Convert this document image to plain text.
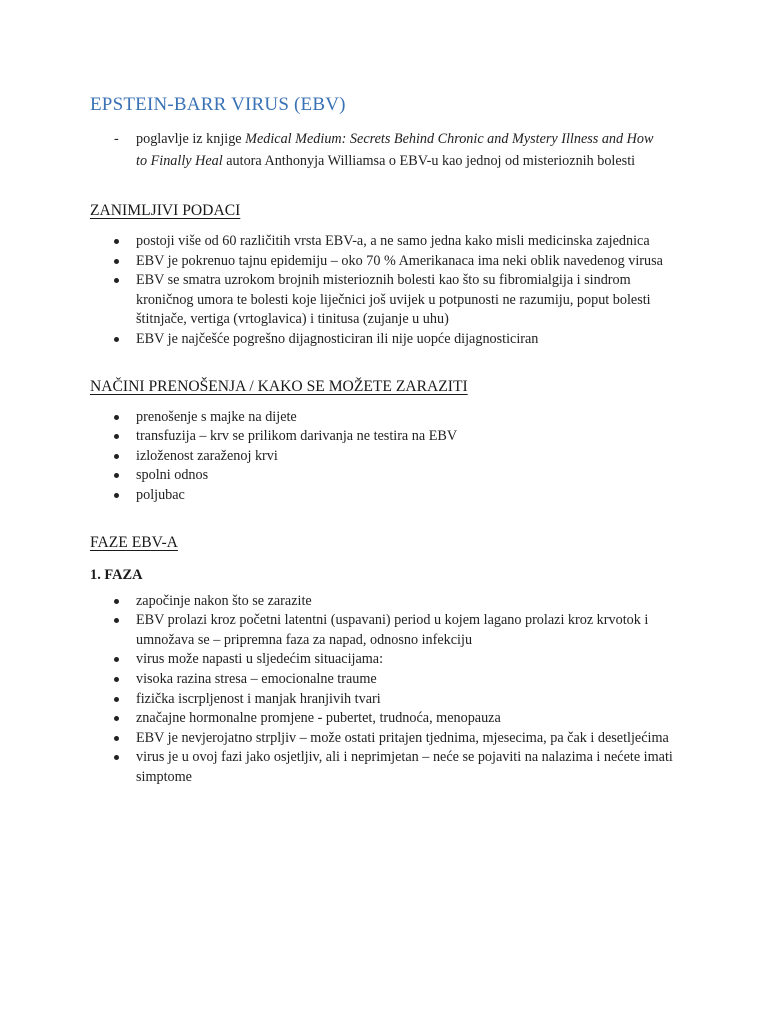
EPSTEIN-BARR VIRUS (EBV)
-	poglavlje iz knjige Medical Medium: Secrets Behind Chronic and Mystery Illness and How to Finally Heal autora Anthonyja Williamsa o EBV-u kao jednoj od misterioznih bolesti
ZANIMLJIVI PODACI
postoji više od 60 različitih vrsta EBV-a, a ne samo jedna kako misli medicinska zajednica
EBV je pokrenuo tajnu epidemiju – oko 70 % Amerikanaca ima neki oblik navedenog virusa
EBV se smatra uzrokom brojnih misterioznih bolesti kao što su fibromialgija i sindrom kroničnog umora te bolesti koje liječnici još uvijek u potpunosti ne razumiju, poput bolesti štitnjače, vertiga (vrtoglavica) i tinitusa (zujanje u uhu)
EBV je najčešće pogrešno dijagnosticiran ili nije uopće dijagnosticiran
NAČINI PRENOŠENJA / KAKO SE MOŽETE ZARAZITI
prenošenje s majke na dijete
transfuzija – krv se prilikom darivanja ne testira na EBV
izloženost zaraženoj krvi
spolni odnos
poljubac
FAZE EBV-A
1. FAZA
započinje nakon što se zarazite
EBV prolazi kroz početni latentni (uspavani) period u kojem lagano prolazi kroz krvotok i umnožava se – pripremna faza za napad, odnosno infekciju
virus može napasti u sljedećim situacijama:
visoka razina stresa – emocionalne traume
fizička iscrpljenost i manjak hranjivih tvari
značajne hormonalne promjene - pubertet, trudnoća, menopauza
EBV je nevjerojatno strpljiv – može ostati pritajen tjednima, mjesecima, pa čak i desetljećima
virus je u ovoj fazi jako osjetljiv, ali i neprimjetan – neće se pojaviti na nalazima i nećete imati simptome
